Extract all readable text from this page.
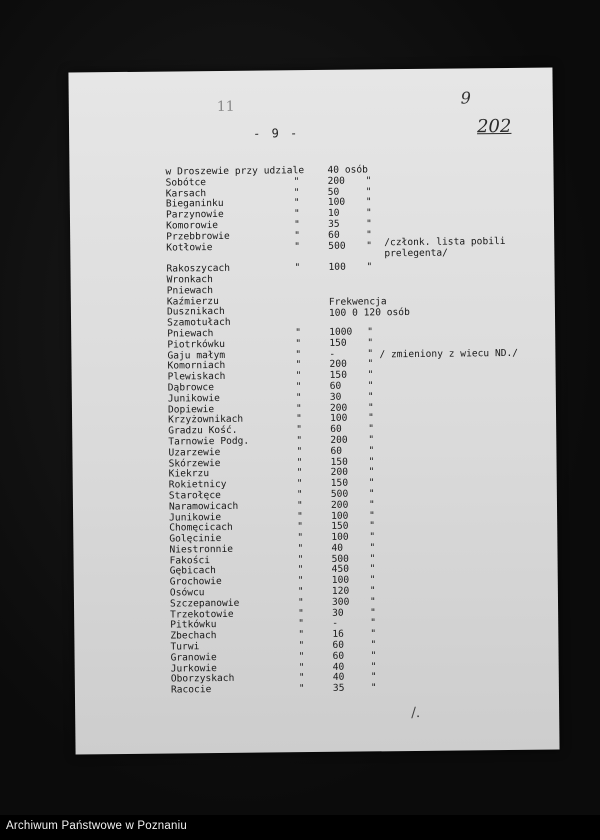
11	9
202
- 9 -
w Droszewie przy udziale 40 osób
Sobótce	"	200 "
Karsach	"	50	"
Bieganinku	"	100 "
Parzynowie	"	10	"
Komorowie	"	35	"
Przebbrowie	"	60	"
Kotłowie	"	500 "
Rakoszycach	"	100 "
Wronkach
Pniewach
Kaźmierzu
Dusznikach
Szamotułach
Pniewach	"	1000 "
Piotrkówku	"	150 "
Gaju małym	"	-	"
Komorniach	"	200 "
Plewiskach	"	150 "
Dąbrowce	"	60	"
Junikowie	"	30	"
Dopiewie	"	200 "
Krzyżownikach	"	100 "
Gradzu Kość.	"	60	"
Tarnowie Podg.	"	200 "
Uzarzewie	"	60	"
Skórzewie	"	150 "
Kiekrzu	"	200 "
Rokietnicy	"	150 "
Starołęce	"	500 "
Naramowicach	"	200 "
Junikowie	"	100 "
Chomęcicach	"	150 "
Golęcinie	"	100 "
Niestronnie	"	40	"
Fakości	"	500 "
Gębicach	"	450 "
Grochowie	"	100 "
Osówcu	"	120 "
Szczepanowie	"	300 "
Trzekotowie	"	30	"
Pitkówku	"	-	"
Zbechach	"	16	"
Turwi	"	60	"
Granowie	"	60	"
Jurkowie	"	40	"
Oborzyskach	"	40	"
Racocie	"	35	"
/członk. lista pobili
prelegenta/
Frekwencja
100 0 120 osób
/ zmieniony z wiecu ND./
/.
Archiwum Państwowe w Poznaniu
